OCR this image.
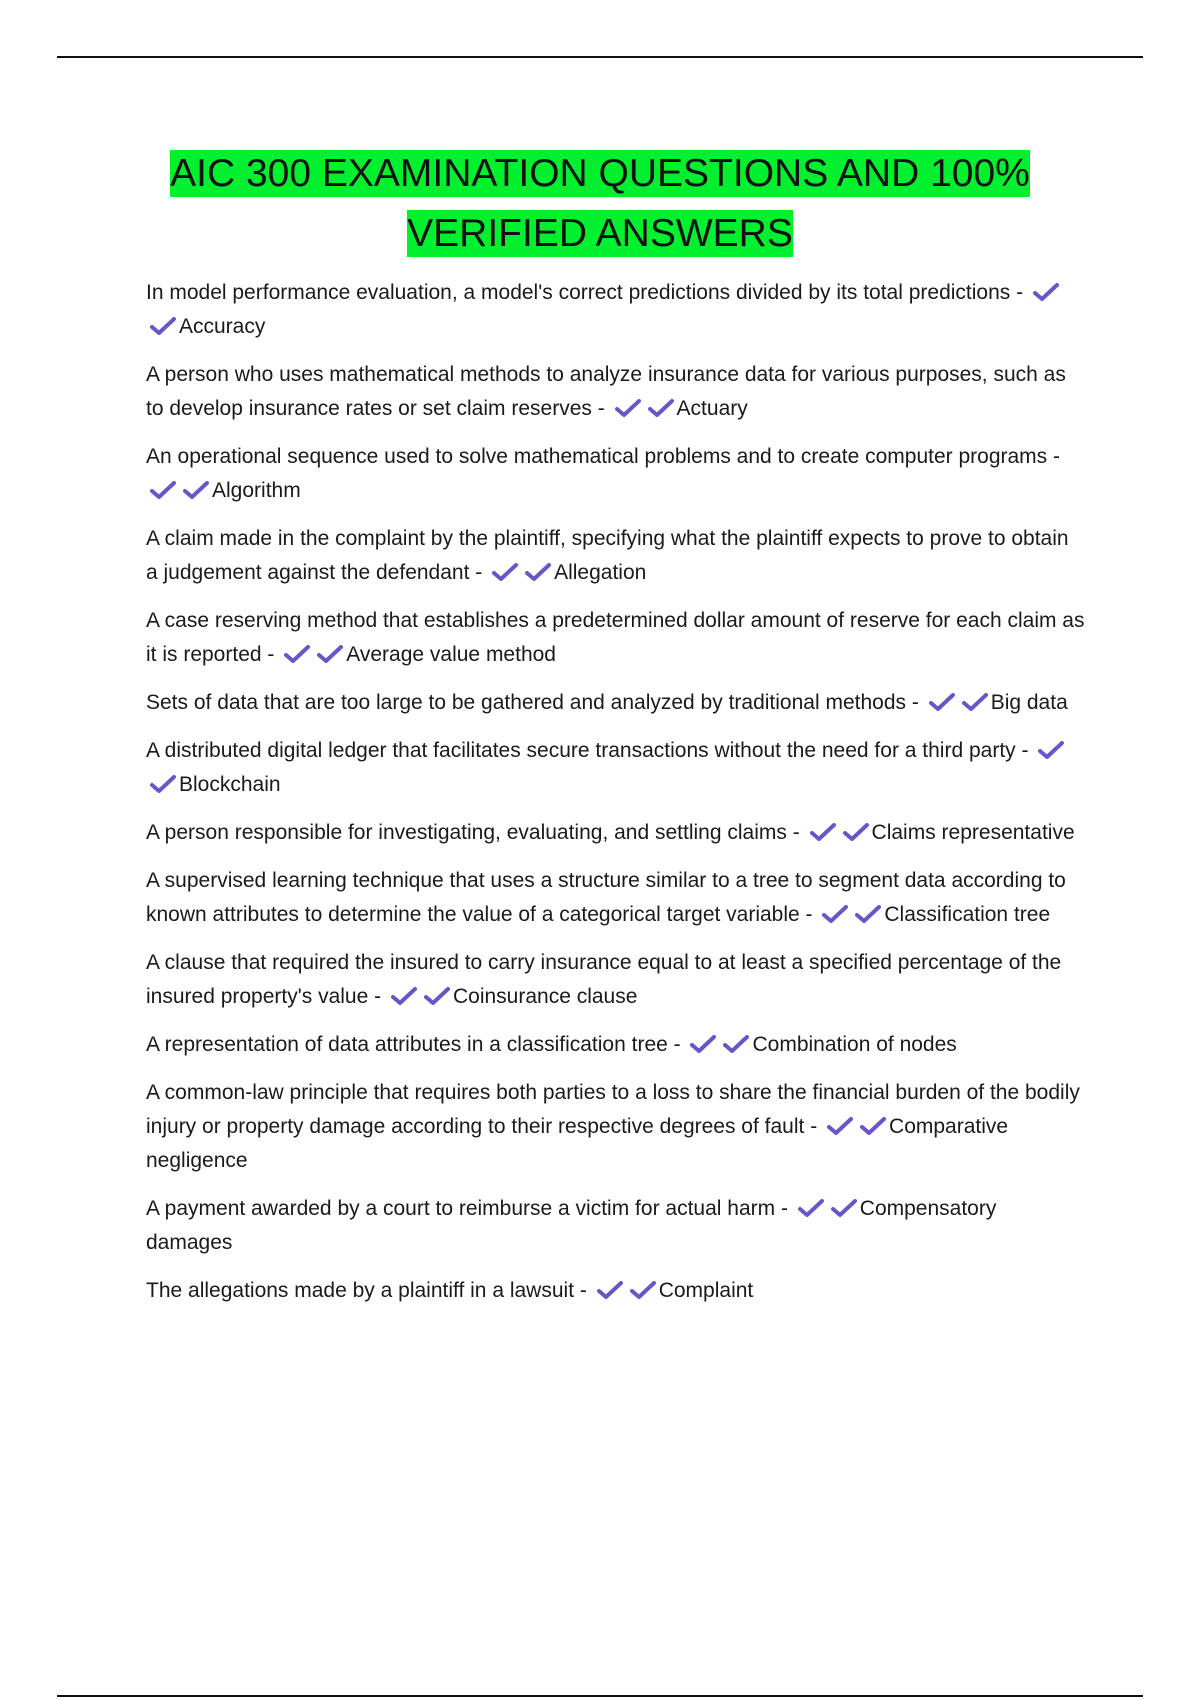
AIC 300 EXAMINATION QUESTIONS AND 100%
VERIFIED ANSWERS
In model performance evaluation, a model's correct predictions divided by its total predictions -
Accuracy
A person who uses mathematical methods to analyze insurance data for various purposes, such as to develop insurance rates or set claim reserves -	Actuary
An operational sequence used to solve mathematical problems and to create computer programs -
Algorithm
A claim made in the complaint by the plaintiff, specifying what the plaintiff expects to prove to obtain a judgement against the defendant -	Allegation
A case reserving method that establishes a predetermined dollar amount of reserve for each claim as it is reported -	Average value method
Sets of data that are too large to be gathered and analyzed by traditional methods -	Big data
A distributed digital ledger that facilitates secure transactions without the need for a third party -
Blockchain
A person responsible for investigating, evaluating, and settling claims -	Claims representative
A supervised learning technique that uses a structure similar to a tree to segment data according to known attributes to determine the value of a categorical target variable -	Classification tree
A clause that required the insured to carry insurance equal to at least a specified percentage of the insured property's value -	Coinsurance clause
A representation of data attributes in a classification tree -	Combination of nodes
A common-law principle that requires both parties to a loss to share the financial burden of the bodily injury or property damage according to their respective degrees of fault -	Comparative negligence
A payment awarded by a court to reimburse a victim for actual harm -	Compensatory damages
The allegations made by a plaintiff in a lawsuit -	Complaint
